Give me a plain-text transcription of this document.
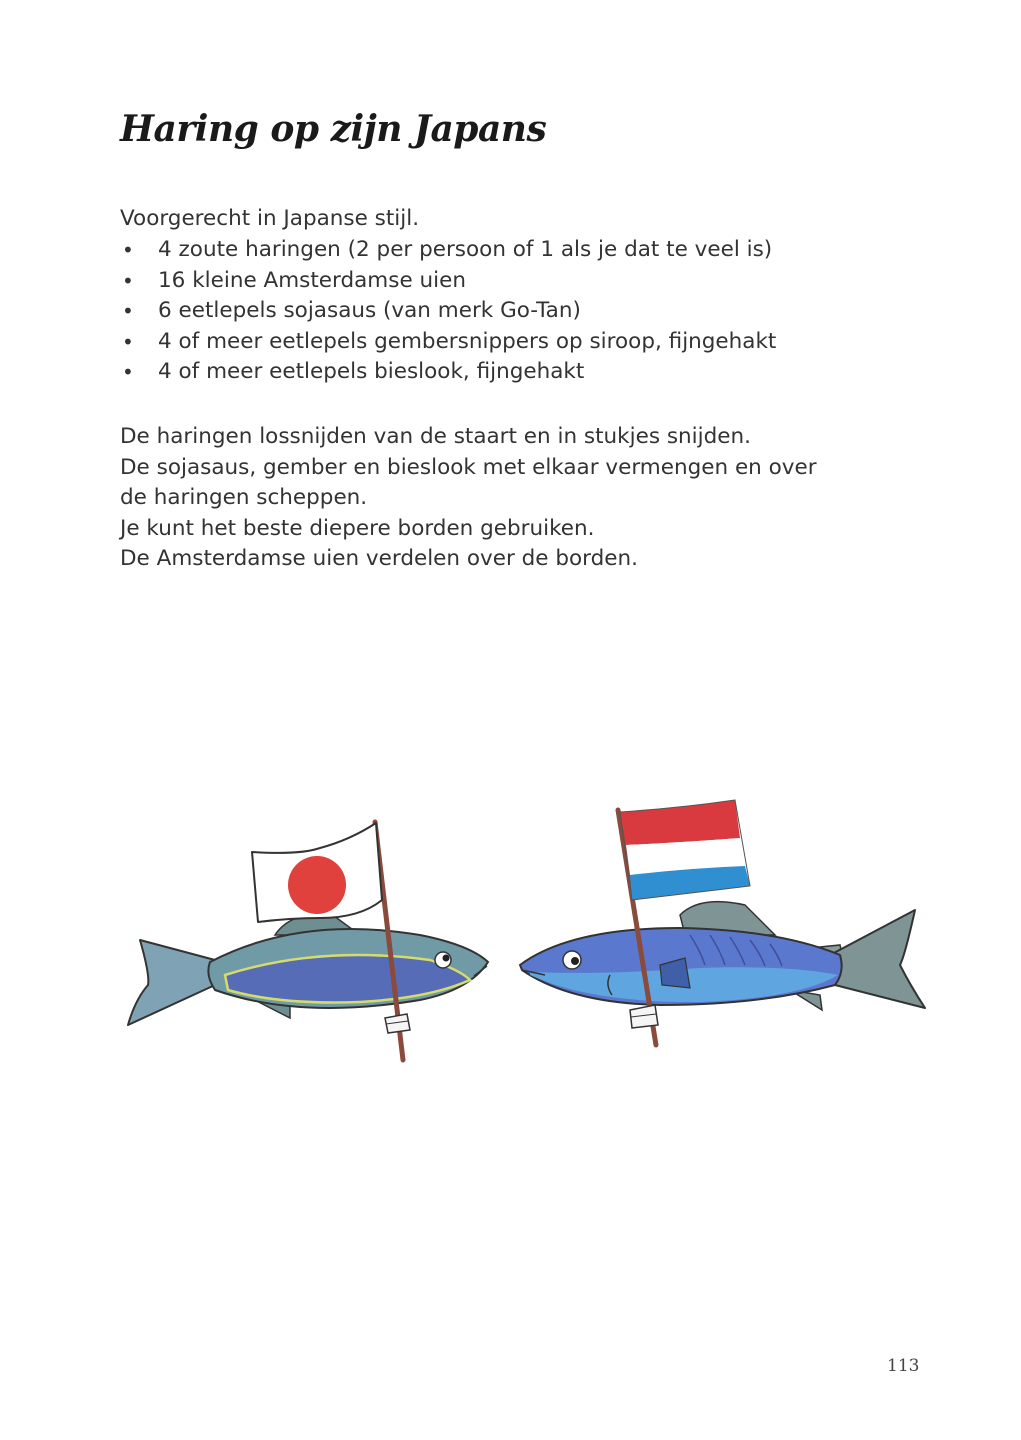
Haring op zijn Japans

Voorgerecht in Japanse stijl.

• 4 zoute haringen (2 per persoon of 1 als je dat te veel is)
• 16 kleine Amsterdamse uien
• 6 eetlepels sojasaus (van merk Go-Tan)
• 4 of meer eetlepels gembersnippers op siroop, fijngehakt
• 4 of meer eetlepels bieslook, fijngehakt

De haringen lossnijden van de staart en in stukjes snijden.

De sojasaus, gember en bieslook met elkaar vermengen en over

de haringen scheppen.

Je kunt het beste diepere borden gebruiken.

De Amsterdamse uien verdelen over de borden.

113
